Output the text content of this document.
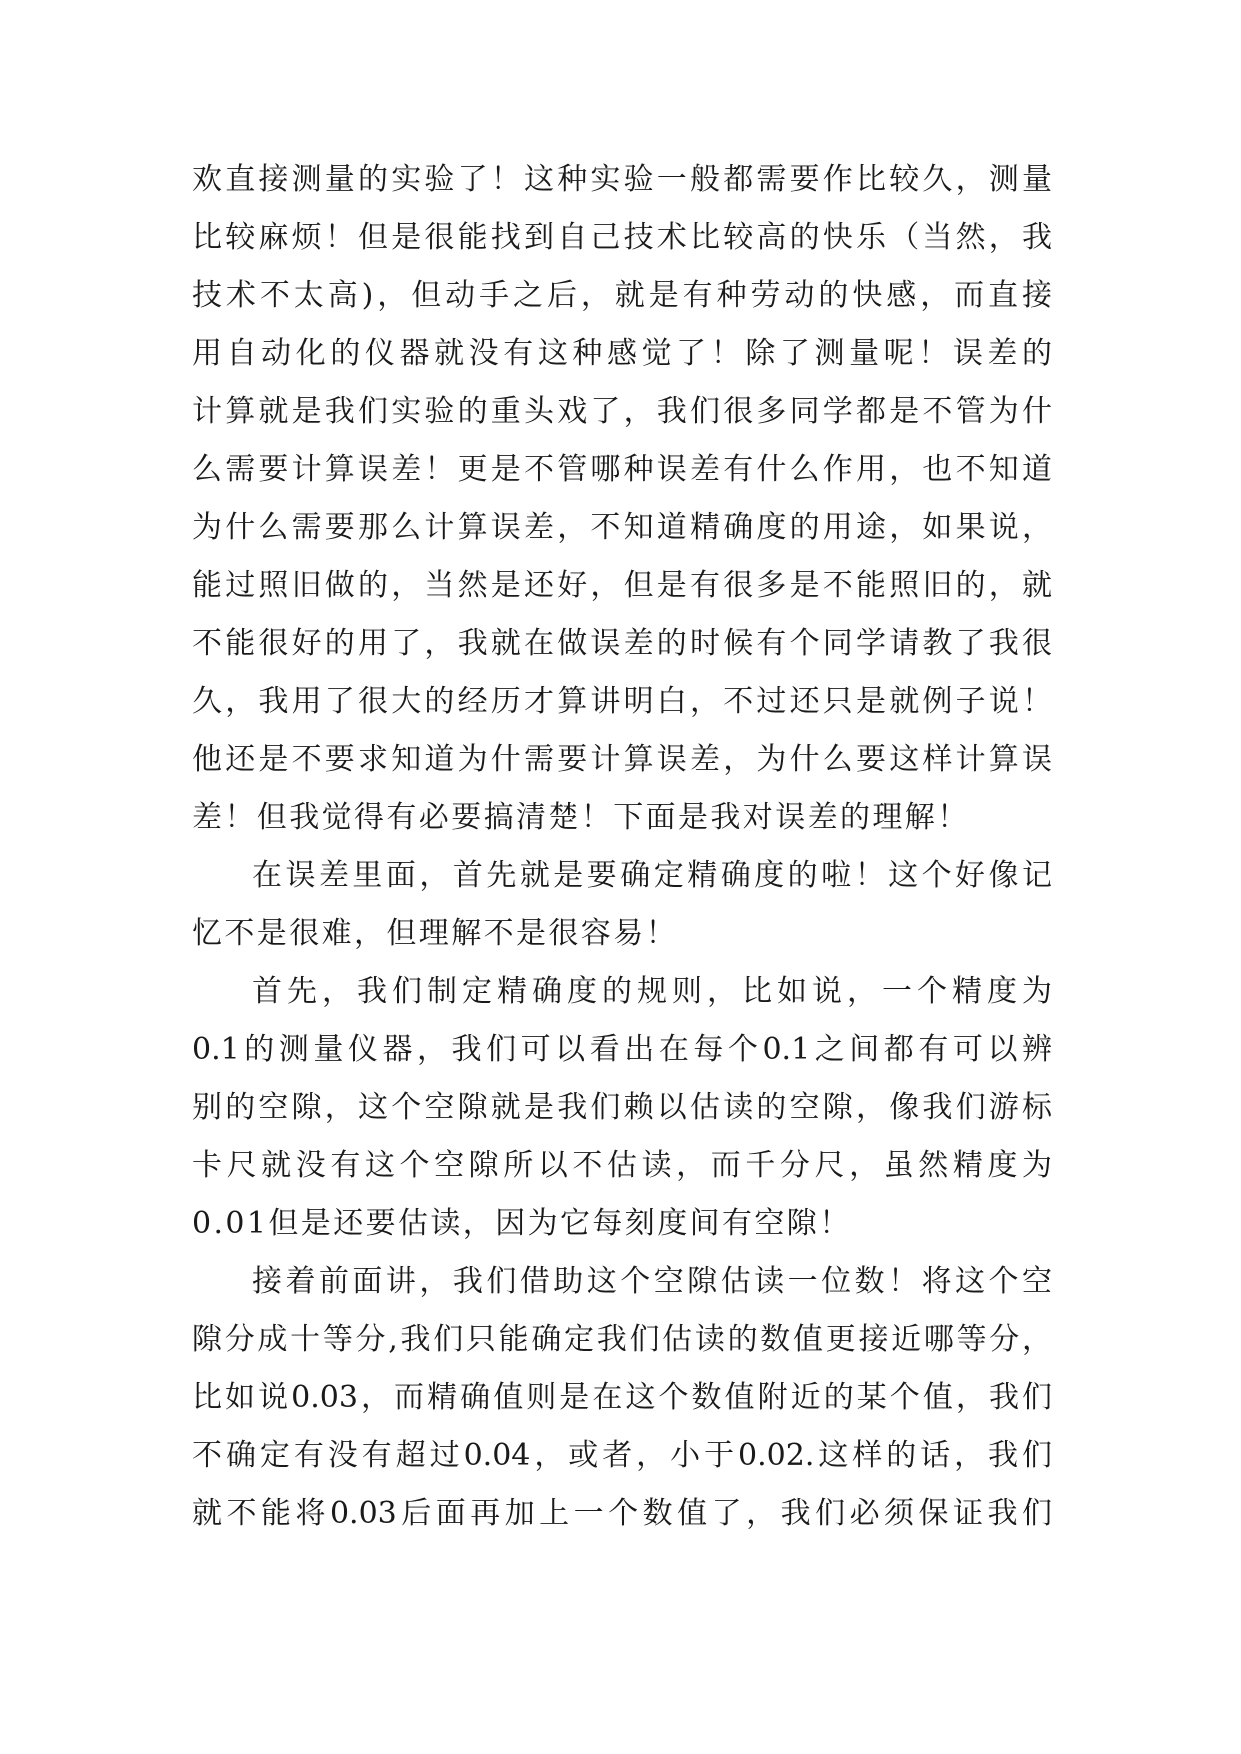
欢直接测量的实验了！这种实验一般都需要作比较久，测量
比较麻烦！但是很能找到自己技术比较高的快乐（当然，我
技术不太高)，但动手之后，就是有种劳动的快感，而直接
用自动化的仪器就没有这种感觉了！除了测量呢！误差的
计算就是我们实验的重头戏了，我们很多同学都是不管为什
么需要计算误差！更是不管哪种误差有什么作用，也不知道
为什么需要那么计算误差，不知道精确度的用途，如果说，
能过照旧做的，当然是还好，但是有很多是不能照旧的，就
不能很好的用了，我就在做误差的时候有个同学请教了我很
久，我用了很大的经历才算讲明白，不过还只是就例子说！
他还是不要求知道为什需要计算误差，为什么要这样计算误
差！但我觉得有必要搞清楚！下面是我对误差的理解！
在误差里面，首先就是要确定精确度的啦！这个好像记
忆不是很难，但理解不是很容易！
首先，我们制定精确度的规则，比如说，一个精度为
0.1的测量仪器，我们可以看出在每个0.1之间都有可以辨
别的空隙，这个空隙就是我们赖以估读的空隙，像我们游标
卡尺就没有这个空隙所以不估读，而千分尺，虽然精度为
0.01但是还要估读，因为它每刻度间有空隙！
接着前面讲，我们借助这个空隙估读一位数！将这个空
隙分成十等分,我们只能确定我们估读的数值更接近哪等分，
比如说0.03，而精确值则是在这个数值附近的某个值，我们
不确定有没有超过0.04，或者，小于0.02.这样的话，我们
就不能将0.03后面再加上一个数值了，我们必须保证我们
